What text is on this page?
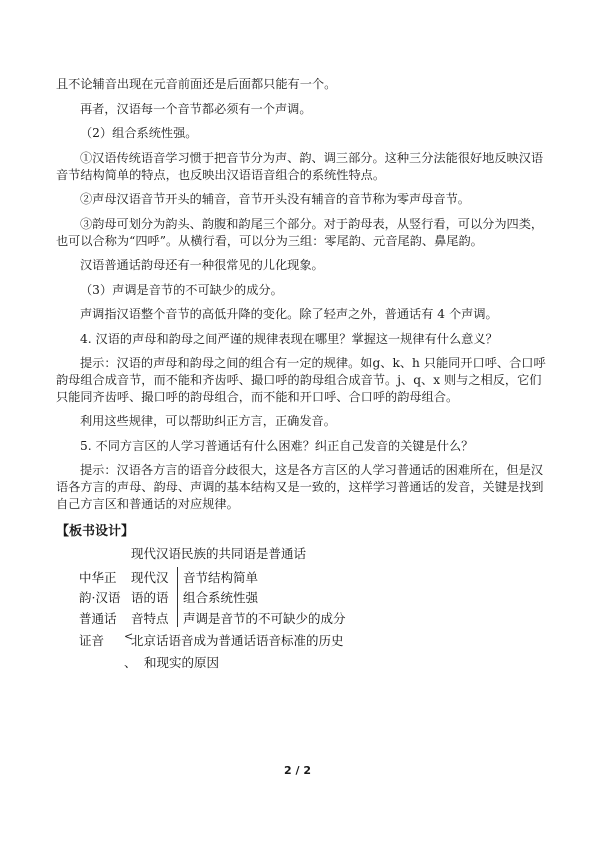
且不论辅音出现在元音前面还是后面都只能有一个。
再者，汉语每一个音节都必须有一个声调。
（2）组合系统性强。
①汉语传统语音学习惯于把音节分为声、韵、调三部分。这种三分法能很好地反映汉语
音节结构简单的特点，也反映出汉语语音组合的系统性特点。
②声母汉语音节开头的辅音，音节开头没有辅音的音节称为零声母音节。
③韵母可划分为韵头、韵腹和韵尾三个部分。对于韵母表，从竖行看，可以分为四类，
也可以合称为“四呼”。从横行看，可以分为三组：零尾韵、元音尾韵、鼻尾韵。
汉语普通话韵母还有一种很常见的儿化现象。
（3）声调是音节的不可缺少的成分。
声调指汉语整个音节的高低升降的变化。除了轻声之外，普通话有 4 个声调。
4. 汉语的声母和韵母之间严谨的规律表现在哪里？掌握这一规律有什么意义？
提示：汉语的声母和韵母之间的组合有一定的规律。如g、k、h 只能同开口呼、合口呼
韵母组合成音节，而不能和齐齿呼、撮口呼的韵母组合成音节。j、q、x 则与之相反，它们
只能同齐齿呼、撮口呼的韵母组合，而不能和开口呼、合口呼的韵母组合。
利用这些规律，可以帮助纠正方言，正确发音。
5. 不同方言区的人学习普通话有什么困难？纠正自己发音的关键是什么？
提示：汉语各方言的语音分歧很大，这是各方言区的人学习普通话的困难所在，但是汉
语各方言的声母、韵母、声调的基本结构又是一致的，这样学习普通话的发音，关键是找到
自己方言区和普通话的对应规律。
【板书设计】
现代汉语民族的共同语是普通话
中华正
韵·汉语
普通话
证音
现代汉
语的语
音特点
音节结构简单
组合系统性强
声调是音节的不可缺少的成分
<
北京话语音成为普通话语音标准的历史
、 和现实的原因
2 / 2
